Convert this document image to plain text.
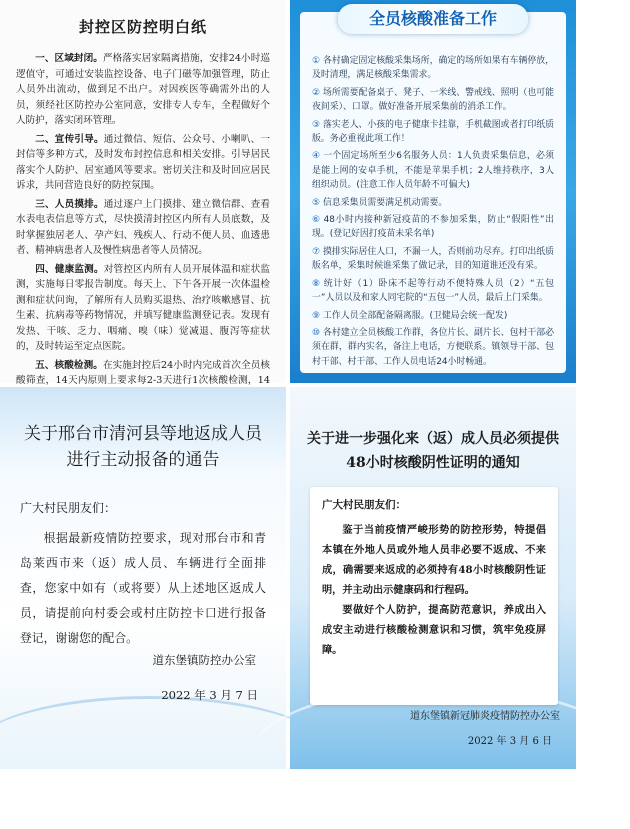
封控区防控明白纸

一、区域封闭。严格落实居家隔离措施，安排24小时巡逻值守，可通过安装监控设备、电子门磁等加强管理，防止人员外出流动，做到足不出户。对因疾医等确需外出的人员，须经社区防控办公室同意，安排专人专车，全程做好个人防护，落实闭环管理。

二、宣传引导。通过微信、短信、公众号、小喇叭、一封信等多种方式，及时发布封控信息和相关安排。引导居民落实个人防护、居室通风等要求。密切关注和及时回应居民诉求，共同营造良好的防控氛围。

三、人员摸排。通过逐户上门摸排、建立微信群、查看水表电表信息等方式，尽快摸清封控区内所有人员底数，及时掌握独居老人、孕产妇、残疾人、行动不便人员、血透患者、精神病患者人及慢性病患者等人员情况。

四、健康监测。对管控区内所有人员开展体温和症状监测，实施每日零报告制度。每天上、下午各开展一次体温检测和症状问询，了解所有人员购买退热、治疗咳嗽感冒、抗生素、抗病毒等药物情况，并填写健康监测登记表。发现有发热、干咳、乏力、咽痛、嗅（味）觉减退、腹泻等症状的，及时转运至定点医院。

五、核酸检测。在实施封控后24小时内完成首次全员核酸筛查，14天内原则上要求每2-3天进行1次核酸检测，14

① 各村确定固定核酸采集场所，确定的场所如果有车辆停放，及时清理，满足核酸采集需求。
② 场所需要配备桌子、凳子、一米线、警戒线、照明（也可能夜间采）、口罩。做好准备开展采集前的消杀工作。
③ 落实老人、小孩的电子健康卡挂靠，手机截图或者打印纸质版。务必重视此项工作！
④ 一个固定场所至少6名服务人员：1人负责采集信息，必须是能上网的安卓手机，不能是苹果手机；2人维持秩序，3人组织动员。(注意工作人员年龄不可偏大)
⑤ 信息采集员需要满足机动需要。
⑥ 48小时内接种新冠疫苗的不参加采集，防止“假阳性”出现。(登记好因打疫苗未采名单)
⑦ 摸排实际居住人口，不漏一人，否则前功尽弃。打印出纸质版名单，采集时候谁采集了做记录，目的知道谁还没有采。
⑧ 统计好（1）卧床不起等行动不便特殊人员（2）“五包一”人员以及和家人同宅院的“五包一”人员，最后上门采集。
⑨ 工作人员全部配备隔离服。(卫健局会统一配发)
⑩ 各村建立全员核酸工作群，各位片长、副片长、包村干部必须在群，群内实名，备注上电话，方便联系。镇领导干部、包村干部、村干部、工作人员电话24小时畅通。
全员核酸准备工作
关于邢台市清河县等地返成人员进行主动报备的通告
广大村民朋友们：
根据最新疫情防控要求，现对邢台市和青岛莱西市来（返）成人员、车辆进行全面排查，您家中如有（或将要）从上述地区返成人员，请提前向村委会或村庄防控卡口进行报备登记，谢谢您的配合。
道东堡镇防控办公室
2022 年 3 月 7 日
关于进一步强化来（返）成人员必须提供48小时核酸阴性证明的通知
广大村民朋友们：

鉴于当前疫情严峻形势的防控形势，特提倡本镇在外地人员或外地人员非必要不返成、不来成，确需要来返成的必须持有48小时核酸阴性证明，并主动出示健康码和行程码。

要做好个人防护，提高防范意识，养成出入成安主动进行核酸检测意识和习惯，筑牢免疫屏障。

道东堡镇新冠肺炎疫情防控办公室
2022 年 3 月 6 日
